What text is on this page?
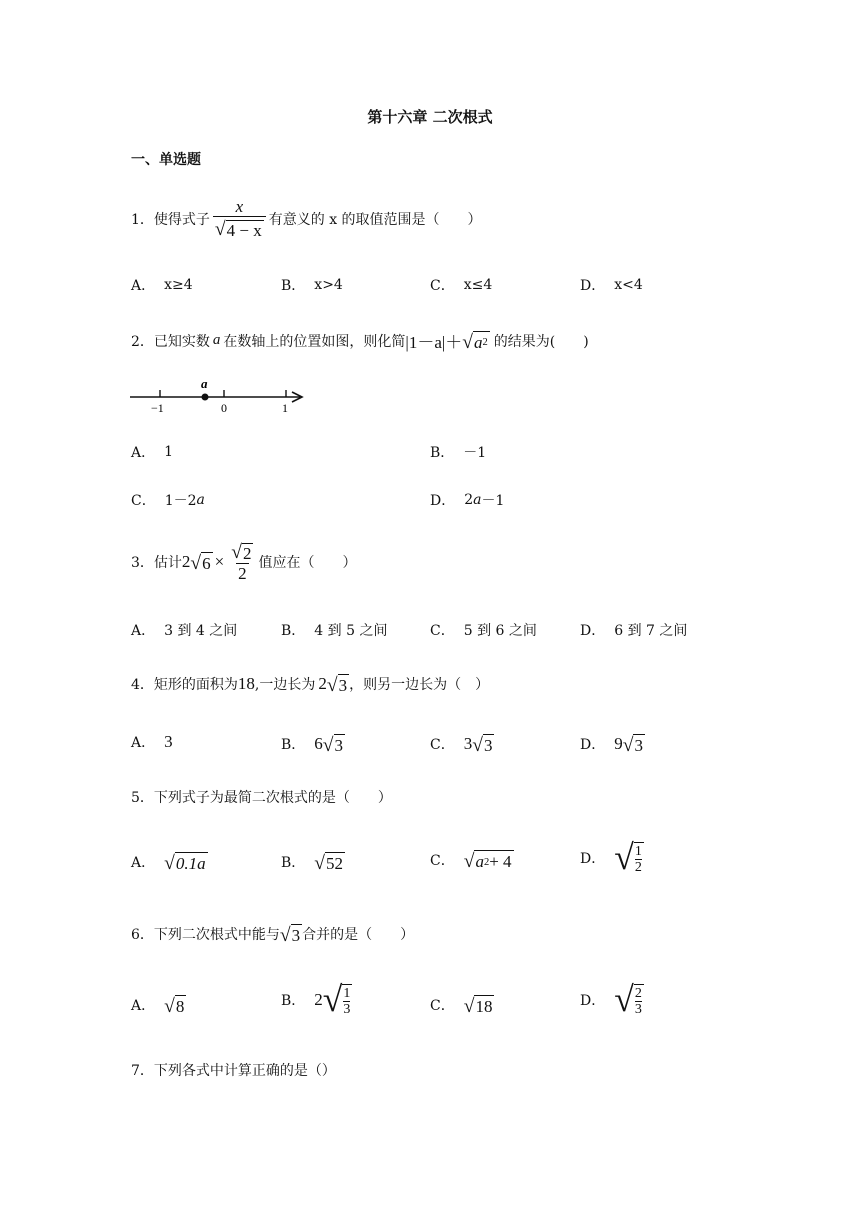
第十六章 二次根式
一、单选题
1． 使得式子 $\frac{x}{√ 4 - x}$ 有意义的 x 的取值范围是（　　）
A． x≥4	B． x>4	C． x≤4	D． x<4
2． 已知实数 a 在数轴上的位置如图，则化简 |1－a|＋ √ a 2 的结果为(　　)
a
−1	0	1
A． 1	B． －1
C． 1－2 a	D． 2 a －1
3． 估计 2 √ $6 \times \frac{√ 2}{2}$ 值应在（　　）
A． 3 到 4 之间	B． 4 到 5 之间	C． 5 到 6 之间	D． 6 到 7 之间
4． 矩形的面积为 18 ,一边长为 2 √ 3 ，则另一边长为（　）
A． 3	B． 6 √ 3	C． 3 √ 3	D． 9 √ 3
5． 下列式子为最简二次根式的是（　　）
A． √ 0.1a	B． √ 52	C． √ a 2 + 4	D． √ 1
2
6． 下列二次根式中能与 √ 3 合并的是（　　）
A． √ 8	B． 2 √ 1
3	C． √ 18	D． √ 2
3
7． 下列各式中计算正确的是（）
